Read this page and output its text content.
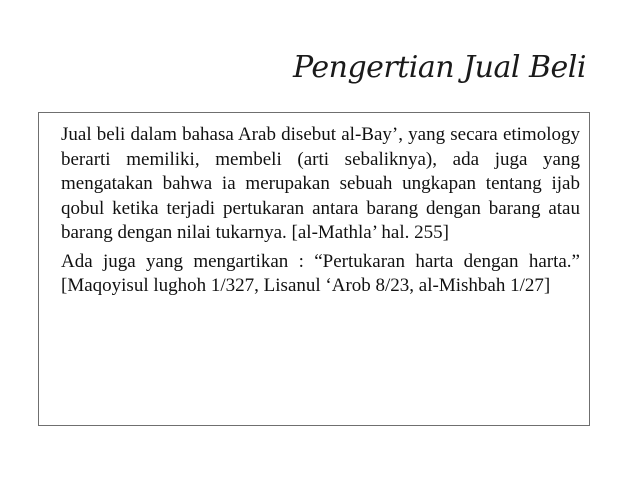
Pengertian Jual Beli

Jual beli dalam bahasa Arab disebut al-Bay’, yang secara etimology berarti memiliki, membeli (arti sebaliknya), ada juga yang mengatakan bahwa ia merupakan sebuah ungkapan tentang ijab qobul ketika terjadi pertukaran antara barang dengan barang atau barang dengan nilai tukarnya. [al-Mathla’ hal. 255]

Ada juga yang mengartikan : “Pertukaran harta dengan harta.” [Maqoyisul lughoh 1/327, Lisanul ‘Arob 8/23, al-Mishbah 1/27]
